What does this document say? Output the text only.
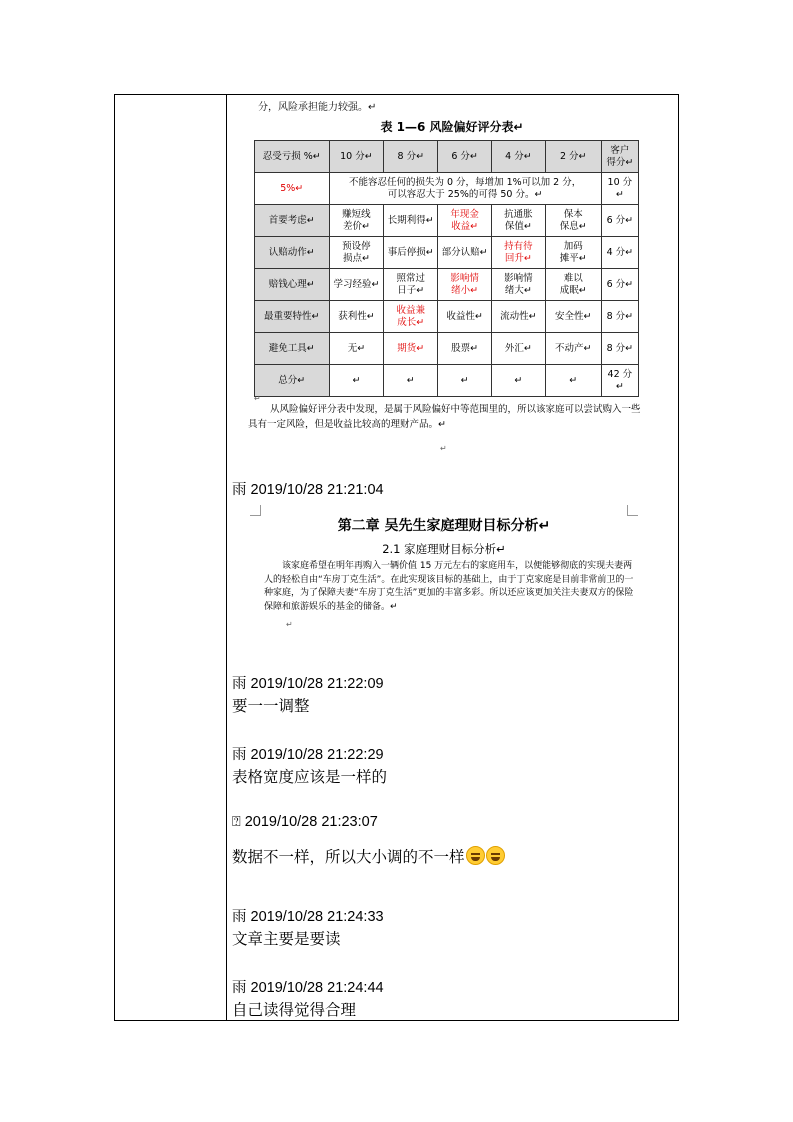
分，风险承担能力较强。↵
表 1—6 风险偏好评分表↵
忍受亏损 %↵	10 分↵	8 分↵	6 分↵	4 分↵	2 分↵	客户
得分↵
5%↵	不能容忍任何的损失为 0 分，每增加 1%可以加 2 分，
可以容忍大于 25%的可得 50 分。↵					10 分↵
首要考虑↵	赚短线
差价↵	长期利得↵	年现金
收益↵	抗通胀
保值↵	保本
保息↵	6 分↵
认赔动作↵	预设停
损点↵	事后停损↵	部分认赔↵	持有待
回升↵	加码
摊平↵	4 分↵
赔钱心理↵	学习经验↵	照常过
日子↵	影响情
绪小↵	影响情
绪大↵	难以
成眠↵	6 分↵
最重要特性↵	获利性↵	收益兼
成长↵	收益性↵	流动性↵	安全性↵	8 分↵
避免工具↵	无↵	期货↵	股票↵	外汇↵	不动产↵	8 分↵
总分↵	↵	↵	↵	↵	↵	42 分↵
↵
从风险偏好评分表中发现，是属于风险偏好中等范围里的，所以该家庭可以尝试购入一些具有一定风险，但是收益比较高的理财产品。↵
↵
雨 2019/10/28 21:21:04
第二章 吴先生家庭理财目标分析↵
2.1 家庭理财目标分析↵
该家庭希望在明年再购入一辆价值 15 万元左右的家庭用车，以便能够彻底的实现夫妻两人的轻松自由“车房丁克生活”。在此实现该目标的基础上，由于丁克家庭是目前非常前卫的一种家庭，为了保障夫妻“车房丁克生活”更加的丰富多彩。所以还应该更加关注夫妻双方的保险保障和旅游娱乐的基金的储备。↵
↵
雨 2019/10/28 21:22:09
要一一调整
雨 2019/10/28 21:22:29
表格宽度应该是一样的
⍰ 2019/10/28 21:23:07
数据不一样，所以大小调的不一样
雨 2019/10/28 21:24:33
文章主要是要读
雨 2019/10/28 21:24:44
自己读得觉得合理
